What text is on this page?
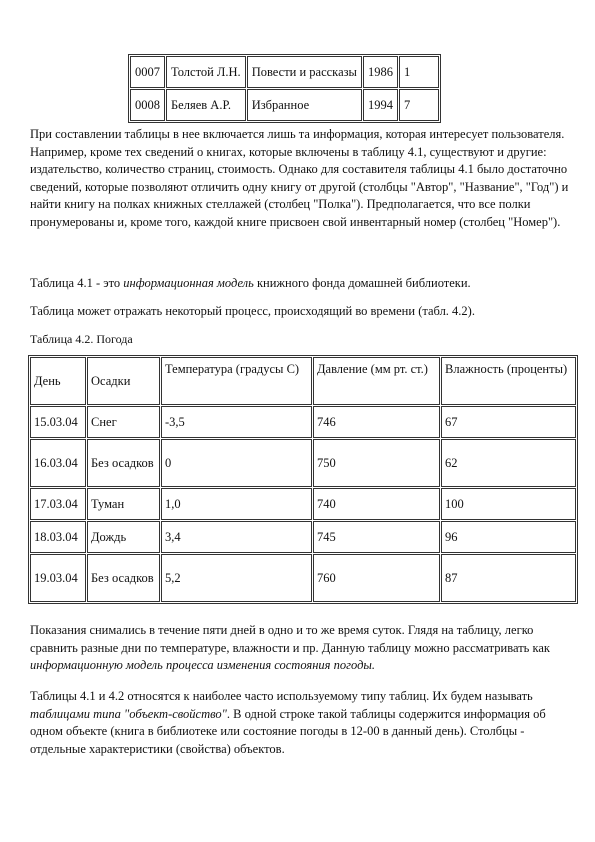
0007	Толстой Л.Н.	Повести и рассказы	1986	1
0008	Беляев А.Р.	Избранное	1994	7

При составлении таблицы в нее включается лишь та информация, которая интересует пользователя. Например, кроме тех сведений о книгах, которые включены в таблицу 4.1, существуют и другие: издательство, количество страниц, стоимость. Однако для составителя таблицы 4.1 было достаточно сведений, которые позволяют отличить одну книгу от другой (столбцы "Автор", "Название", "Год") и найти книгу на полках книжных стеллажей (столбец "Полка"). Предполагается, что все полки пронумерованы и, кроме того, каждой книге присвоен свой инвентарный номер (столбец "Номер").

Таблица 4.1 - это информационная модель книжного фонда домашней библиотеки.

Таблица может отражать некоторый процесс, происходящий во времени (табл. 4.2).

Таблица 4.2. Погода

День	Осадки	Температура (градусы С)	Давление (мм рт. ст.)	Влажность (проценты)
15.03.04	Снег	-3,5	746	67
16.03.04	Без осадков	0	750	62
17.03.04	Туман	1,0	740	100
18.03.04	Дождь	3,4	745	96
19.03.04	Без осадков	5,2	760	87

Показания снимались в течение пяти дней в одно и то же время суток. Глядя на таблицу, легко сравнить разные дни по температуре, влажности и пр. Данную таблицу можно рассматривать как информационную модель процесса изменения состояния погоды.

Таблицы 4.1 и 4.2 относятся к наиболее часто используемому типу таблиц. Их будем называть таблицами типа "объект-свойство". В одной строке такой таблицы содержится информация об одном объекте (книга в библиотеке или состояние погоды в 12-00 в данный день). Столбцы - отдельные характеристики (свойства) объектов.
